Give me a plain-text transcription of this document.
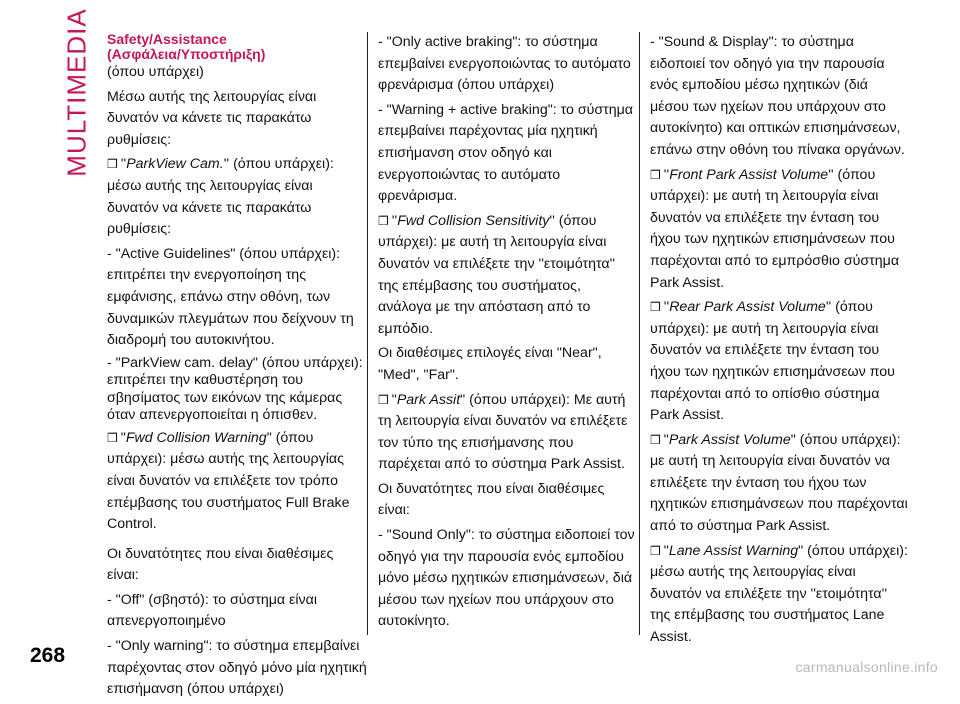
MULTIMEDIA Safety/Assistance
(Ασφάλεια/Υποστήριξη)

(όπου υπάρχει)

Μέσω αυτής της λειτουργίας είναι δυνατόν να κάνετε τις παρακάτω ρυθμίσεις:

❒ ''ParkView Cam.'' (όπου υπάρχει): μέσω αυτής της λειτουργίας είναι δυνατόν να κάνετε τις παρακάτω ρυθμίσεις:

- "Active Guidelines" (όπου υπάρχει): επιτρέπει την ενεργοποίηση της εμφάνισης, επάνω στην οθόνη, των δυναμικών πλεγμάτων που δείχνουν τη διαδρομή του αυτοκινήτου.

- "ParkView cam. delay" (όπου υπάρχει): επιτρέπει την καθυστέρηση του σβησίματος των εικόνων της κάμερας όταν απενεργοποιείται η όπισθεν.

❒ "Fwd Collision Warning" (όπου υπάρχει): μέσω αυτής της λειτουργίας είναι δυνατόν να επιλέξετε τον τρόπο επέμβασης του συστήματος Full Brake Control.

Οι δυνατότητες που είναι διαθέσιμες είναι:

- "Off" (σβηστό): το σύστημα είναι απενεργοποιημένο

- "Only warning": το σύστημα επεμβαίνει παρέχοντας στον οδηγό μόνο μία ηχητική επισήμανση (όπου υπάρχει)

- "Only active braking": το σύστημα επεμβαίνει ενεργοποιώντας το αυτόματο φρενάρισμα (όπου υπάρχει)

- "Warning + active braking": το σύστημα επεμβαίνει παρέχοντας μία ηχητική επισήμανση στον οδηγό και ενεργοποιώντας το αυτόματο φρενάρισμα.

❒ ''Fwd Collision Sensitivity'' (όπου υπάρχει): με αυτή τη λειτουργία είναι δυνατόν να επιλέξετε την ''ετοιμότητα'' της επέμβασης του συστήματος, ανάλογα με την απόσταση από το εμπόδιο.

Οι διαθέσιμες επιλογές είναι "Near", "Med", "Far".

❒ "Park Assit" (όπου υπάρχει): Με αυτή τη λειτουργία είναι δυνατόν να επιλέξετε τον τύπο της επισήμανσης που παρέχεται από το σύστημα Park Assist.

Οι δυνατότητες που είναι διαθέσιμες είναι:

- "Sound Only": το σύστημα ειδοποιεί τον οδηγό για την παρουσία ενός εμποδίου μόνο μέσω ηχητικών επισημάνσεων, διά μέσου των ηχείων που υπάρχουν στο αυτοκίνητο.

- "Sound & Display": το σύστημα ειδοποιεί τον οδηγό για την παρουσία ενός εμποδίου μέσω ηχητικών (διά μέσου των ηχείων που υπάρχουν στο αυτοκίνητο) και οπτικών επισημάνσεων, επάνω στην οθόνη του πίνακα οργάνων.

❒ ''Front Park Assist Volume'' (όπου υπάρχει): με αυτή τη λειτουργία είναι δυνατόν να επιλέξετε την ένταση του ήχου των ηχητικών επισημάνσεων που παρέχονται από το εμπρόσθιο σύστημα Park Assist.

❒ ''Rear Park Assist Volume'' (όπου υπάρχει): με αυτή τη λειτουργία είναι δυνατόν να επιλέξετε την ένταση του ήχου των ηχητικών επισημάνσεων που παρέχονται από το οπίσθιο σύστημα Park Assist.

❒ "Park Assist Volume" (όπου υπάρχει): με αυτή τη λειτουργία είναι δυνατόν να επιλέξετε την ένταση του ήχου των ηχητικών επισημάνσεων που παρέχονται από το σύστημα Park Assist.

❒ "Lane Assist Warning" (όπου υπάρχει): μέσω αυτής της λειτουργίας είναι δυνατόν να επιλέξετε την ''ετοιμότητα'' της επέμβασης του συστήματος Lane Assist.

268	carmanualsonline.info
